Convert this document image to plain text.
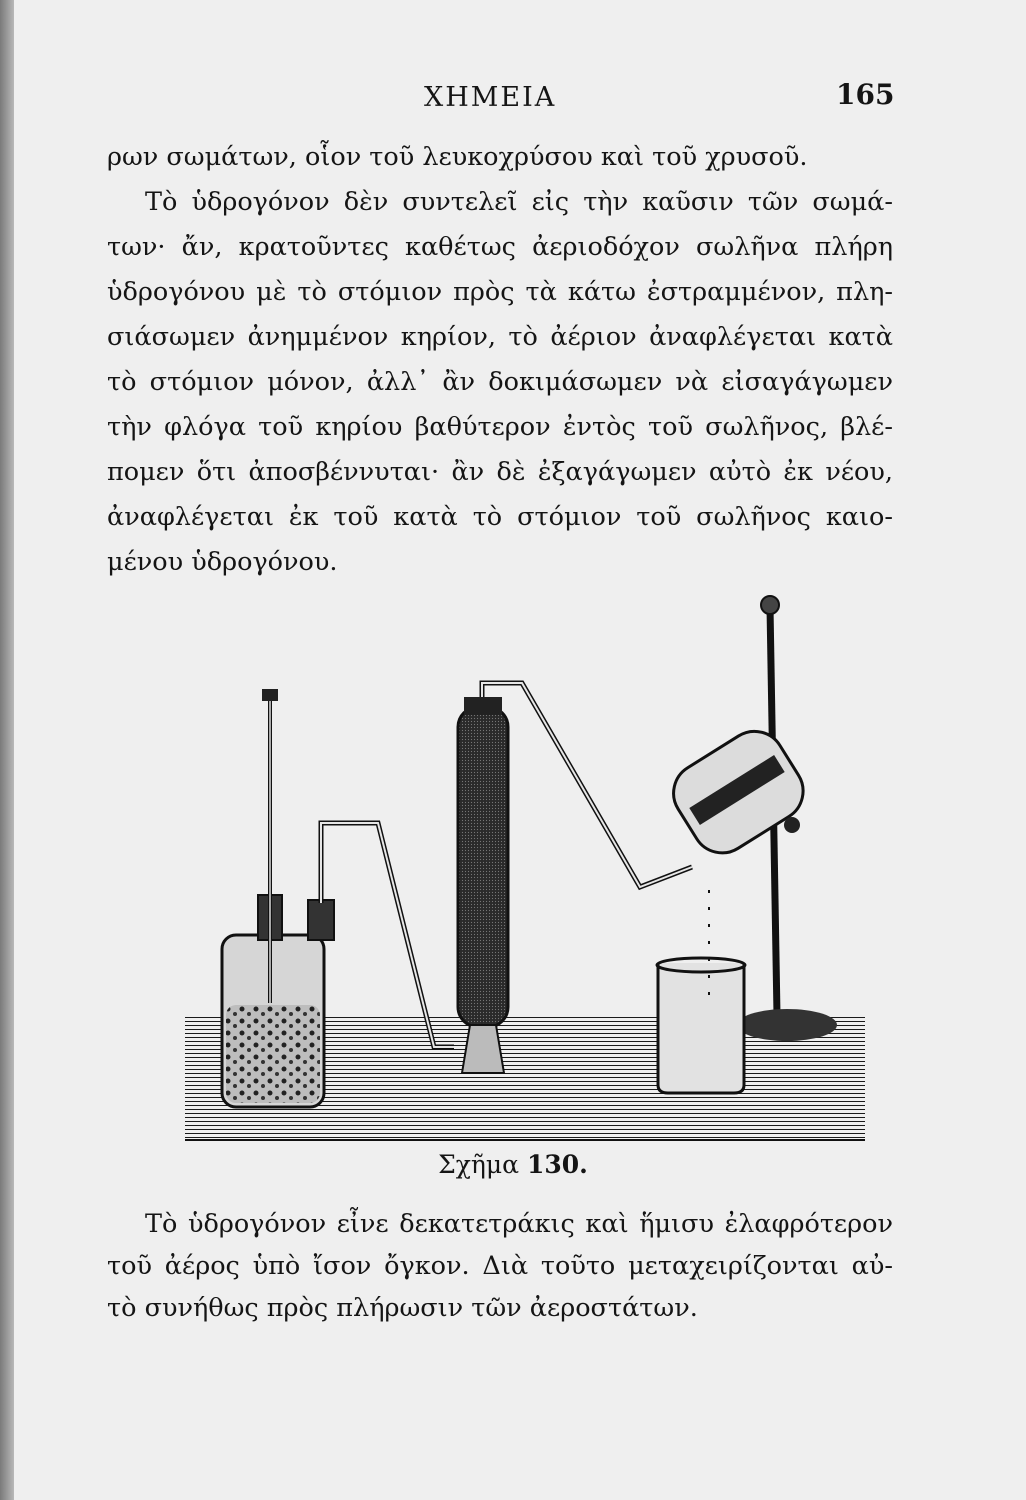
ΧΗΜΕΙΑ	165
ρων σωμάτων, οἷον τοῦ λευκοχρύσου καὶ τοῦ χρυσοῦ.
Τὸ ὑδρογόνον δὲν συντελεῖ εἰς τὴν καῦσιν τῶν σωμά-
των· ἄν, κρατοῦντες καθέτως ἀεριοδόχον σωλῆνα πλήρη
ὑδρογόνου μὲ τὸ στόμιον πρὸς τὰ κάτω ἐστραμμένον, πλη-
σιάσωμεν ἀνημμένον κηρίον, τὸ ἀέριον ἀναφλέγεται κατὰ
τὸ στόμιον μόνον, ἀλλ᾽ ἂν δοκιμάσωμεν νὰ εἰσαγάγωμεν
τὴν φλόγα τοῦ κηρίου βαθύτερον ἐντὸς τοῦ σωλῆνος, βλέ-
πομεν ὅτι ἀποσβέννυται· ἂν δὲ ἐξαγάγωμεν αὐτὸ ἐκ νέου,
ἀναφλέγεται ἐκ τοῦ κατὰ τὸ στόμιον τοῦ σωλῆνος καιο-
μένου ὑδρογόνου.
Σχῆμα 130.
Τὸ ὑδρογόνον εἶνε δεκατετράκις καὶ ἥμισυ ἐλαφρότερον
τοῦ ἀέρος ὑπὸ ἴσον ὄγκον. Διὰ τοῦτο μεταχειρίζονται αὐ-
τὸ συνήθως πρὸς πλήρωσιν τῶν ἀεροστάτων.
